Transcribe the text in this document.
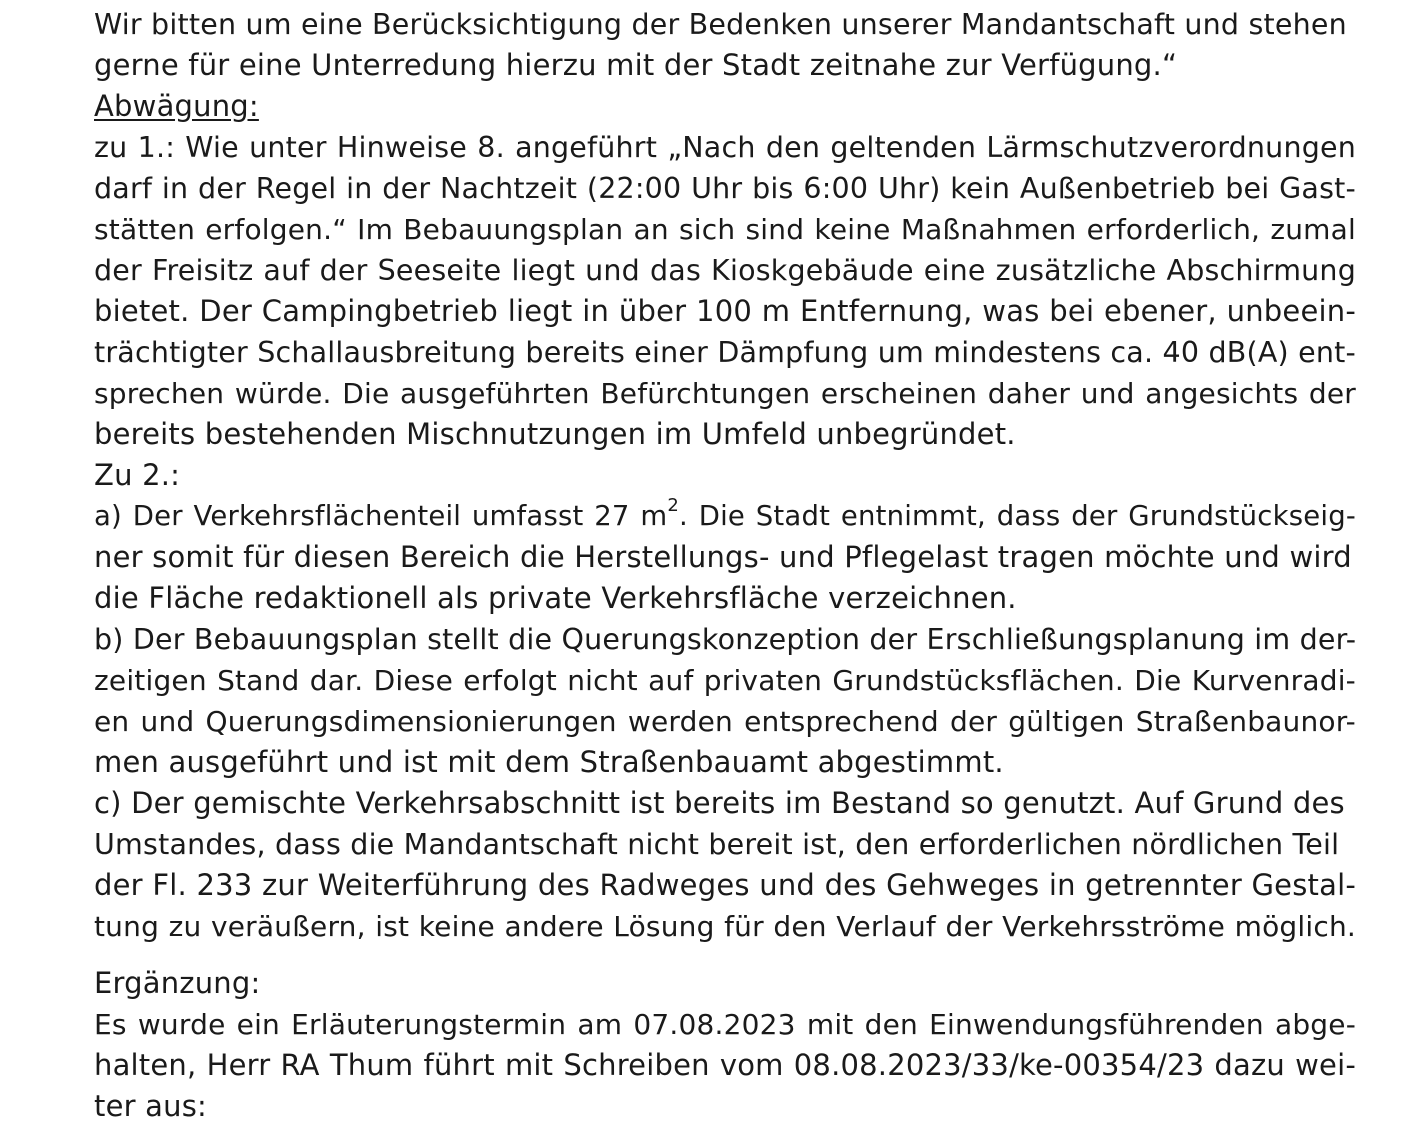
Wir bitten um eine Berücksichtigung der Bedenken unserer Mandantschaft und stehen
gerne für eine Unterredung hierzu mit der Stadt zeitnahe zur Verfügung.“
Abwägung:
zu 1.: Wie unter Hinweise 8. angeführt „Nach den geltenden Lärmschutzverordnungen
darf in der Regel in der Nachtzeit (22:00 Uhr bis 6:00 Uhr) kein Außenbetrieb bei Gast-
stätten erfolgen.“ Im Bebauungsplan an sich sind keine Maßnahmen erforderlich, zumal
der Freisitz auf der Seeseite liegt und das Kioskgebäude eine zusätzliche Abschirmung
bietet. Der Campingbetrieb liegt in über 100 m Entfernung, was bei ebener, unbeein-
trächtigter Schallausbreitung bereits einer Dämpfung um mindestens ca. 40 dB(A) ent-
sprechen würde. Die ausgeführten Befürchtungen erscheinen daher und angesichts der
bereits bestehenden Mischnutzungen im Umfeld unbegründet.
Zu 2.:
a) Der Verkehrsflächenteil umfasst 27 $m^2$. Die Stadt entnimmt, dass der Grundstückseig-
ner somit für diesen Bereich die Herstellungs- und Pflegelast tragen möchte und wird
die Fläche redaktionell als private Verkehrsfläche verzeichnen.
b) Der Bebauungsplan stellt die Querungskonzeption der Erschließungsplanung im der-
zeitigen Stand dar. Diese erfolgt nicht auf privaten Grundstücksflächen. Die Kurvenradi-
en und Querungsdimensionierungen werden entsprechend der gültigen Straßenbaunor-
men ausgeführt und ist mit dem Straßenbauamt abgestimmt.
c) Der gemischte Verkehrsabschnitt ist bereits im Bestand so genutzt. Auf Grund des
Umstandes, dass die Mandantschaft nicht bereit ist, den erforderlichen nördlichen Teil
der Fl. 233 zur Weiterführung des Radweges und des Gehweges in getrennter Gestal-
tung zu veräußern, ist keine andere Lösung für den Verlauf der Verkehrsströme möglich.
Ergänzung:
Es wurde ein Erläuterungstermin am 07.08.2023 mit den Einwendungsführenden abge-
halten, Herr RA Thum führt mit Schreiben vom 08.08.2023/33/ke-00354/23 dazu wei-
ter aus:
